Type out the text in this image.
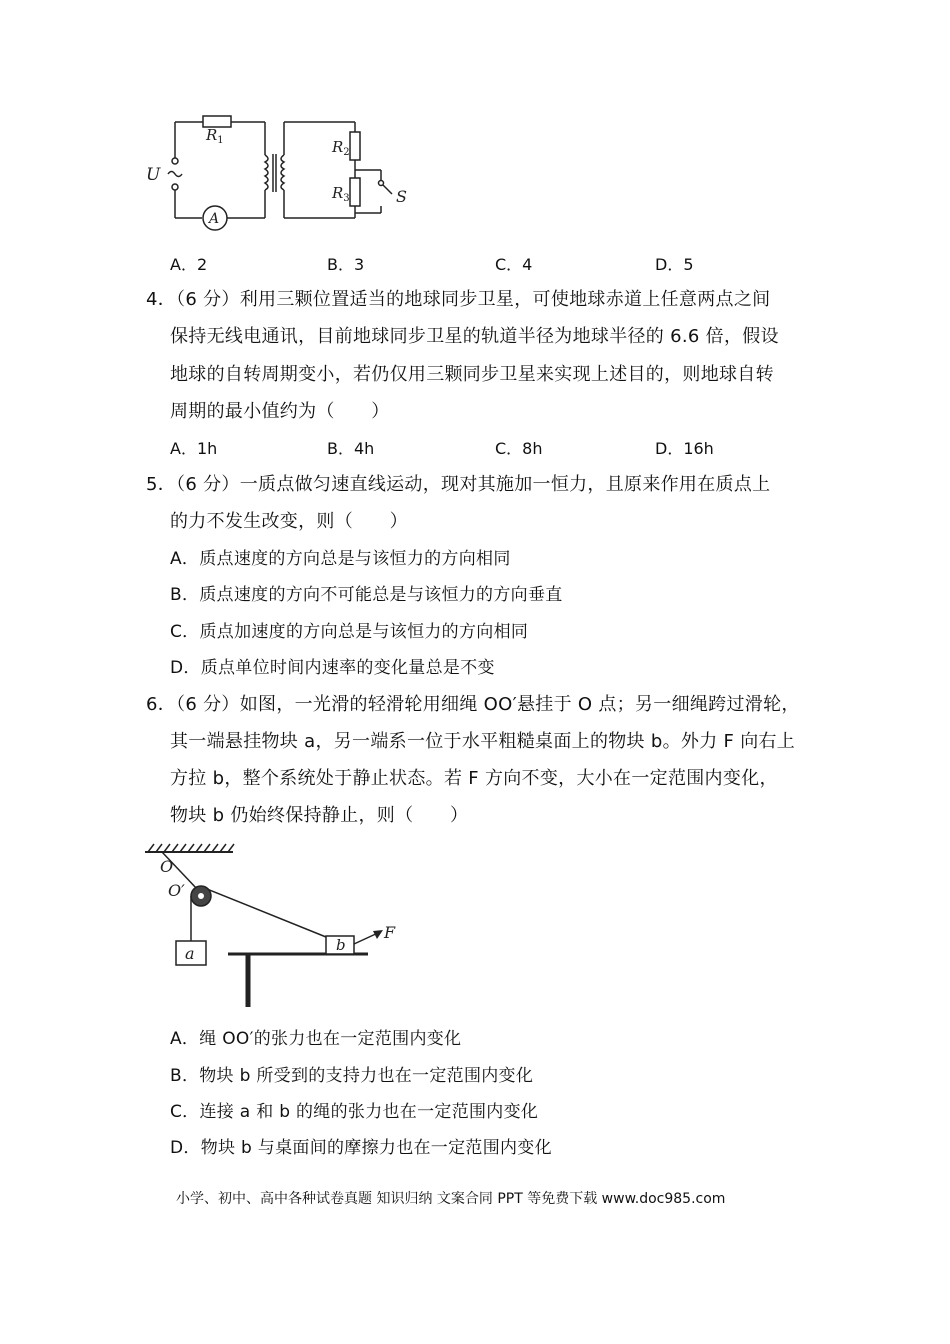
$R_1$	$R_2$
$R_3$
U
S
A
A．2	B．3	C．4	D．5
4．（6 分）利用三颗位置适当的地球同步卫星，可使地球赤道上任意两点之间
保持无线电通讯，目前地球同步卫星的轨道半径为地球半径的 6.6 倍，假设
地球的自转周期变小，若仍仅用三颗同步卫星来实现上述目的，则地球自转
周期的最小值约为（　　）
A．1h	B．4h	C．8h	D．16h
5．（6 分）一质点做匀速直线运动，现对其施加一恒力，且原来作用在质点上
的力不发生改变，则（　　）
A．质点速度的方向总是与该恒力的方向相同
B．质点速度的方向不可能总是与该恒力的方向垂直
C．质点加速度的方向总是与该恒力的方向相同
D．质点单位时间内速率的变化量总是不变
6．（6 分）如图，一光滑的轻滑轮用细绳 OO′悬挂于 O 点；另一细绳跨过滑轮，
其一端悬挂物块 a，另一端系一位于水平粗糙桌面上的物块 b。外力 F 向右上
方拉 b，整个系统处于静止状态。若 F 方向不变，大小在一定范围内变化，
物块 b 仍始终保持静止，则（　　）
O
O′
a	b
F
A．绳 OO′的张力也在一定范围内变化
B．物块 b 所受到的支持力也在一定范围内变化
C．连接 a 和 b 的绳的张力也在一定范围内变化
D．物块 b 与桌面间的摩擦力也在一定范围内变化
小学、初中、高中各种试卷真题 知识归纳 文案合同 PPT 等免费下载 www.doc985.com
